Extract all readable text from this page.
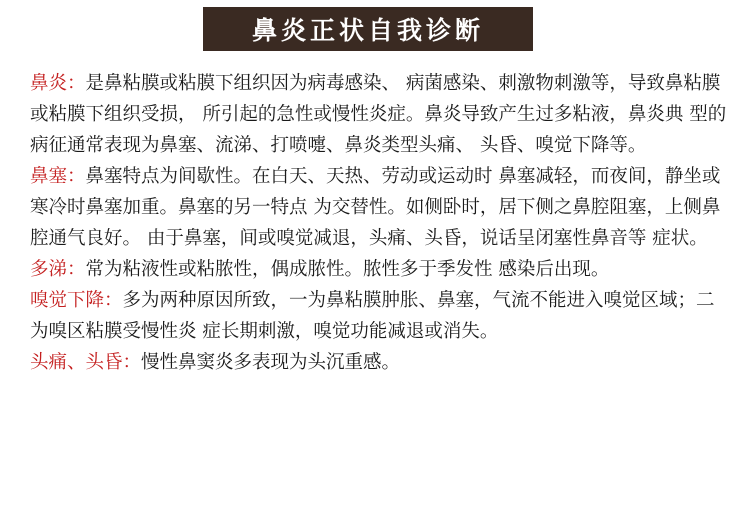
鼻炎正状自我诊断

鼻炎：是鼻粘膜或粘膜下组织因为病毒感染、 病菌感染、刺激物刺激等，导致鼻粘膜或粘膜下组织受损， 所引起的急性或慢性炎症。鼻炎导致产生过多粘液，鼻炎典 型的病征通常表现为鼻塞、流涕、打喷嚏、鼻炎类型头痛、 头昏、嗅觉下降等。

鼻塞：鼻塞特点为间歇性。在白天、天热、劳动或运动时 鼻塞减轻，而夜间，静坐或寒冷时鼻塞加重。鼻塞的另一特点 为交替性。如侧卧时，居下侧之鼻腔阻塞，上侧鼻腔通气良好。 由于鼻塞，间或嗅觉减退，头痛、头昏，说话呈闭塞性鼻音等 症状。

多涕：常为粘液性或粘脓性，偶成脓性。脓性多于季发性 感染后出现。

嗅觉下降：多为两种原因所致，一为鼻粘膜肿胀、鼻塞，气流不能进入嗅觉区域；二为嗅区粘膜受慢性炎 症长期刺激，嗅觉功能减退或消失。

头痛、头昏：慢性鼻窦炎多表现为头沉重感。
